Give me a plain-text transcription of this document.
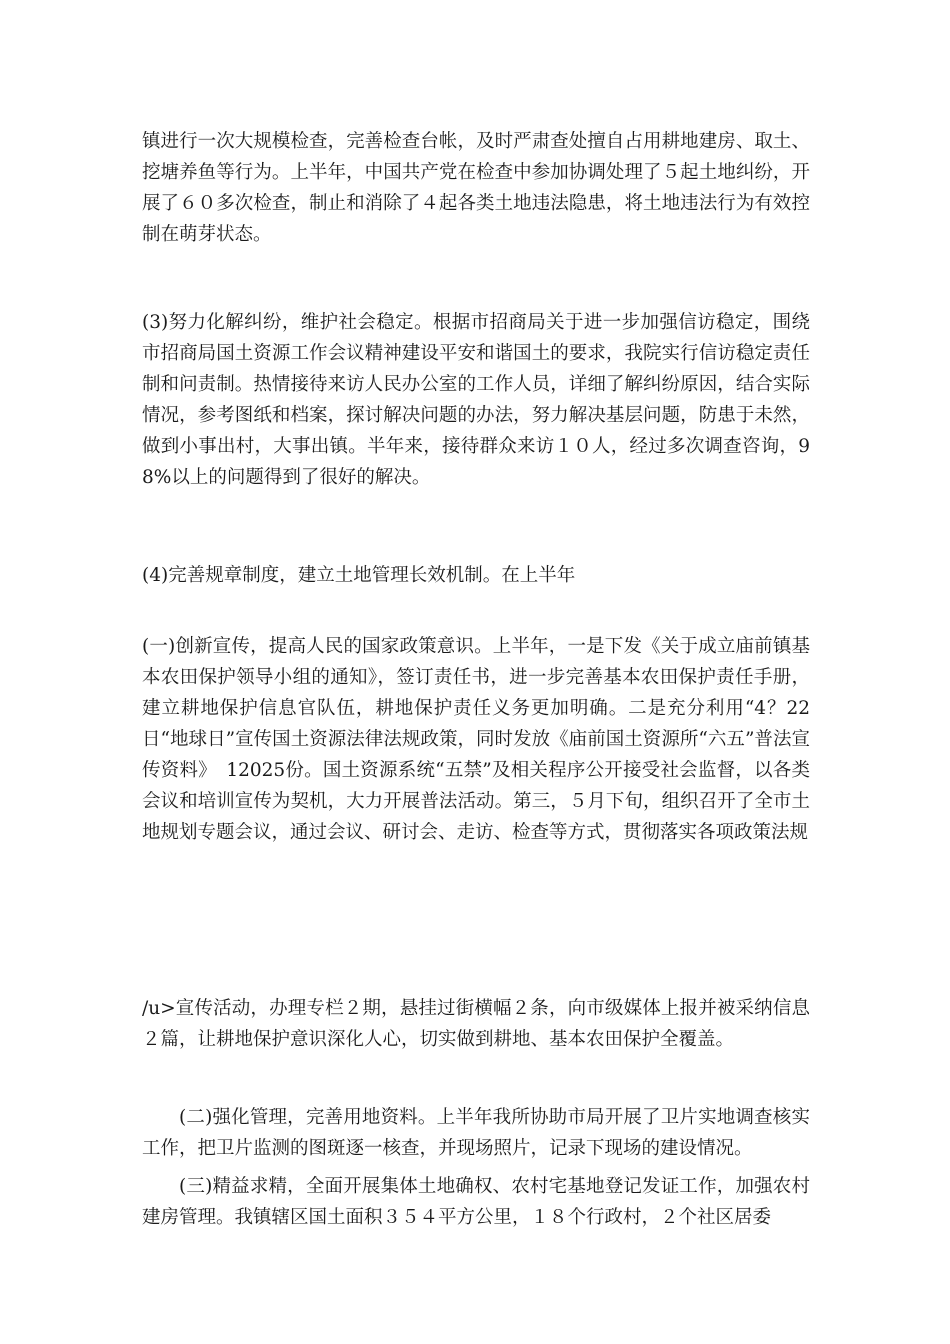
镇进行一次大规模检查，完善检查台帐，及时严肃查处擅自占用耕地建房、取土、挖塘养鱼等行为。上半年，中国共产党在检查中参加协调处理了５起土地纠纷，开展了６０多次检查，制止和消除了４起各类土地违法隐患，将土地违法行为有效控制在萌芽状态。

(3)努力化解纠纷，维护社会稳定。根据市招商局关于进一步加强信访稳定，围绕市招商局国土资源工作会议精神建设平安和谐国土的要求，我院实行信访稳定责任制和问责制。热情接待来访人民办公室的工作人员，详细了解纠纷原因，结合实际情况，参考图纸和档案，探讨解决问题的办法，努力解决基层问题，防患于未然，做到小事出村，大事出镇。半年来，接待群众来访１０人，经过多次调查咨询，98%以上的问题得到了很好的解决。

(4)完善规章制度，建立土地管理长效机制。在上半年

(一)创新宣传，提高人民的国家政策意识。上半年，一是下发《关于成立庙前镇基本农田保护领导小组的通知》，签订责任书，进一步完善基本农田保护责任手册，建立耕地保护信息官队伍，耕地保护责任义务更加明确。二是充分利用“4？22日“地球日”宣传国土资源法律法规政策，同时发放《庙前国土资源所“六五”普法宣传资料》　12025份。国土资源系统“五禁”及相关程序公开接受社会监督，以各类会议和培训宣传为契机，大力开展普法活动。第三，５月下旬，组织召开了全市土地规划专题会议，通过会议、研讨会、走访、检查等方式，贯彻落实各项政策法规

/u>宣传活动，办理专栏２期，悬挂过街横幅２条，向市级媒体上报并被采纳信息２篇，让耕地保护意识深化人心，切实做到耕地、基本农田保护全覆盖。

(二)强化管理，完善用地资料。上半年我所协助市局开展了卫片实地调查核实工作，把卫片监测的图斑逐一核查，并现场照片，记录下现场的建设情况。

(三)精益求精，全面开展集体土地确权、农村宅基地登记发证工作，加强农村建房管理。我镇辖区国土面积３５４平方公里，１８个行政村，２个社区居委
